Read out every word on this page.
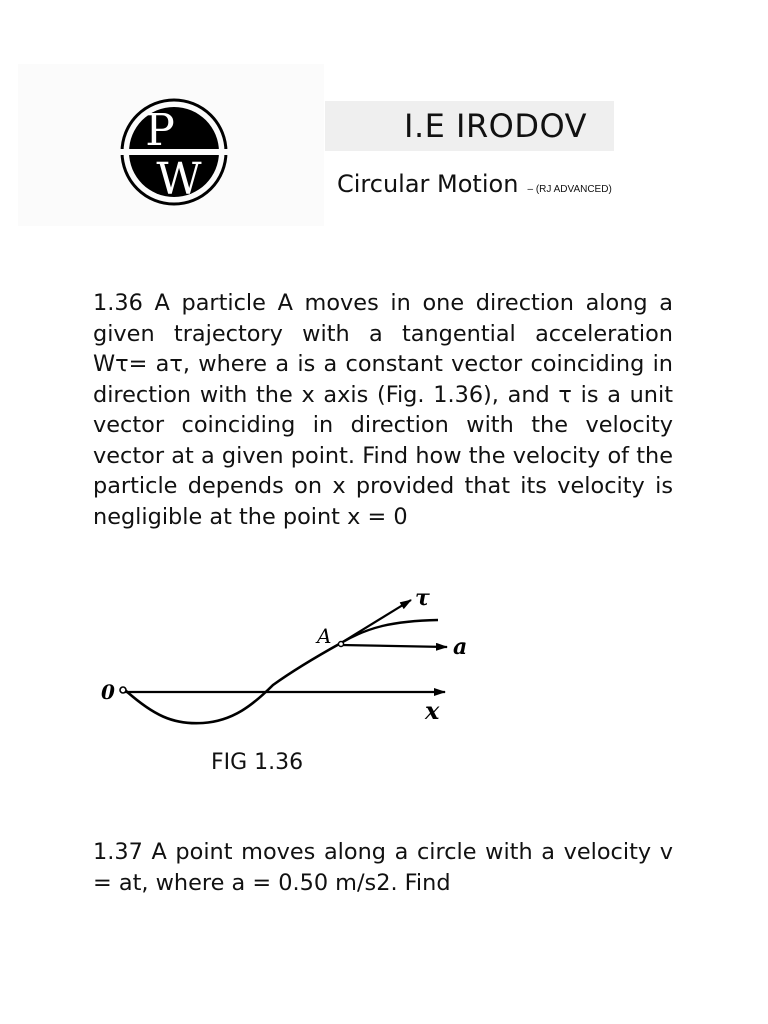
P
W
I.E IRODOV
Circular Motion – (RJ ADVANCED)

1.36 A particle A moves in one direction along a given trajectory with a tangential acceleration Wτ= aτ, where a is a constant vector coinciding in direction with the x axis (Fig. 1.36), and τ is a unit vector coinciding in direction with the velocity vector at a given point. Find how the velocity of the particle depends on x provided that its velocity is negligible at the point x = 0

0
A
τ
a
x
FIG 1.36

1.37 A point moves along a circle with a velocity v = at, where a = 0.50 m/s2. Find
